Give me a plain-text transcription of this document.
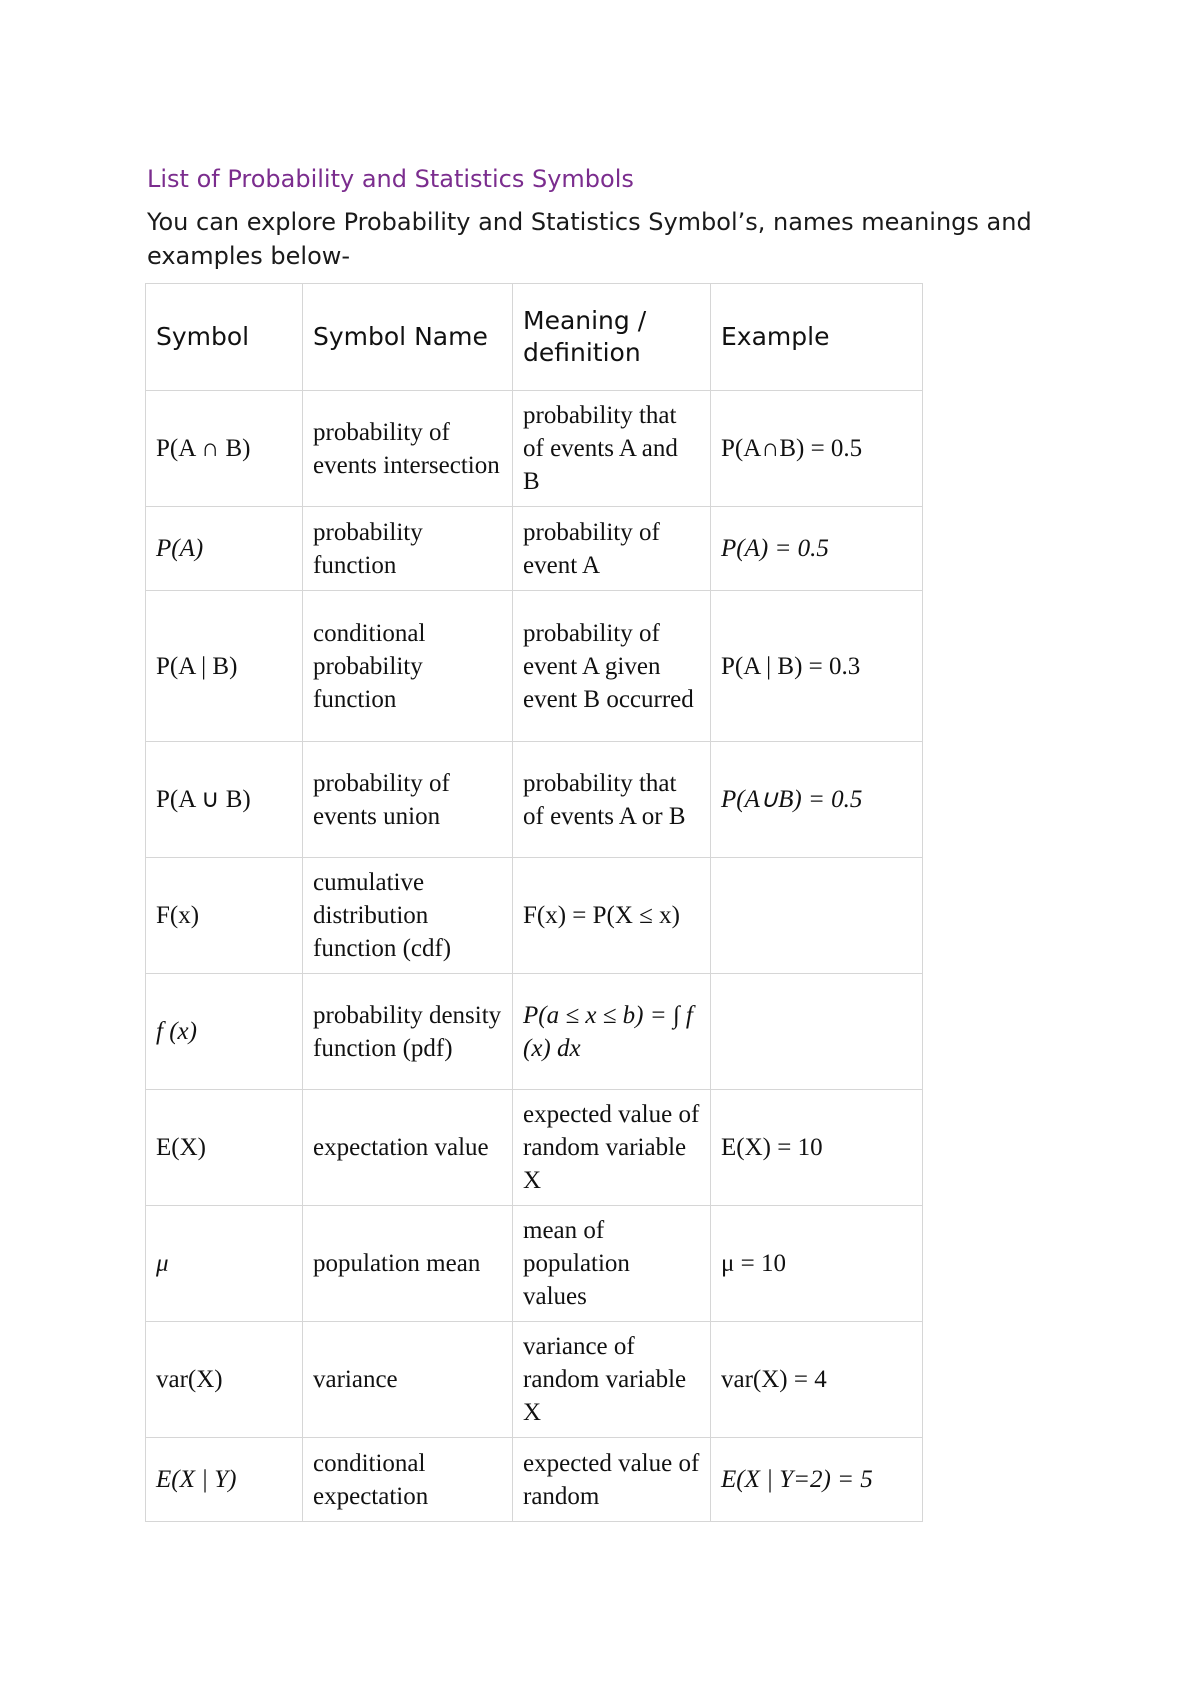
List of Probability and Statistics Symbols

You can explore Probability and Statistics Symbol’s, names meanings and examples below-

Symbol	Symbol Name	Meaning / definition	Example
P(A ∩ B)	probability of events intersection	probability that of events A and B	P(A∩B) = 0.5
P(A)	probability function	probability of event A	P(A) = 0.5
P(A | B)	conditional probability function	probability of event A given event B occurred	P(A | B) = 0.3
P(A ∪ B)	probability of events union	probability that of events A or B	P(A∪B) = 0.5
F(x)	cumulative distribution function (cdf)	F(x) = P(X ≤ x)	
f (x)	probability density function (pdf)	P(a ≤ x ≤ b) = ∫ f (x) dx	
E(X)	expectation value	expected value of random variable X	E(X) = 10
μ	population mean	mean of population values	μ = 10
var(X)	variance	variance of random variable X	var(X) = 4
E(X | Y)	conditional expectation	expected value of random	E(X | Y=2) = 5
